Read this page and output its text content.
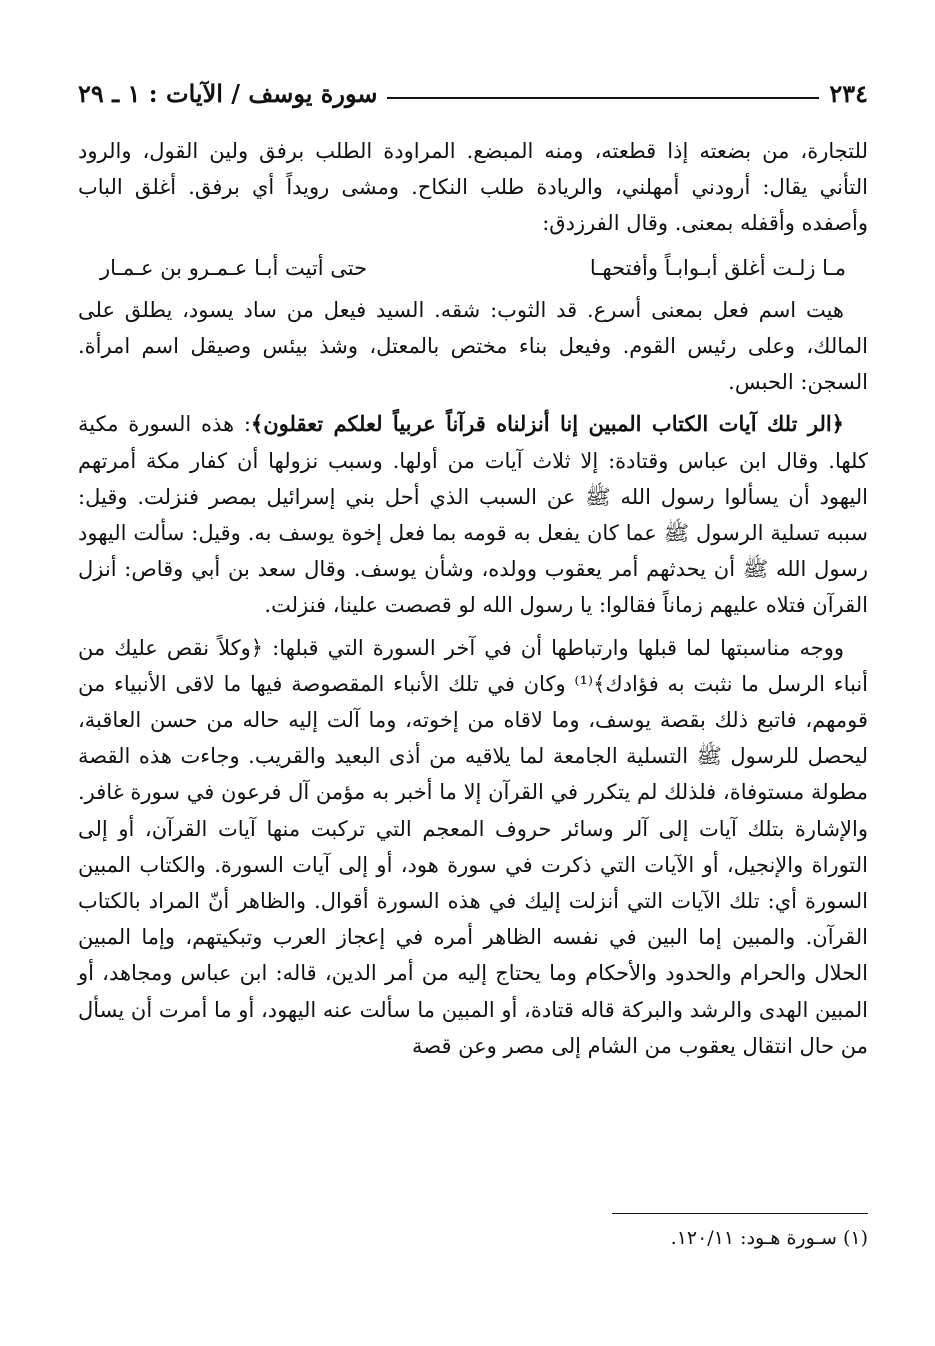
٢٣٤
سورة يوسف / الآيات : ١ ـ ٢٩

للتجارة، من بضعته إذا قطعته، ومنه المبضع. المراودة الطلب برفق ولين القول، والرود التأني يقال: أرودني أمهلني، والريادة طلب النكاح. ومشى رويداً أي برفق. أغلق الباب وأصفده وأقفله بمعنى. وقال الفرزدق:

مـا زلـت أغلق أبـوابـاً وأفتحهـا
حتى أتيت أبـا عـمـرو بن عـمـار

هيت اسم فعل بمعنى أسرع. قد الثوب: شقه. السيد فيعل من ساد يسود، يطلق على المالك، وعلى رئيس القوم. وفيعل بناء مختص بالمعتل، وشذ بيئس وصيقل اسم امرأة. السجن: الحبس.

﴿الر تلك آيات الكتاب المبين إنا أنزلناه قرآناً عربياً لعلكم تعقلون﴾: هذه السورة مكية كلها. وقال ابن عباس وقتادة: إلا ثلاث آيات من أولها. وسبب نزولها أن كفار مكة أمرتهم اليهود أن يسألوا رسول الله ﷺ عن السبب الذي أحل بني إسرائيل بمصر فنزلت. وقيل: سببه تسلية الرسول ﷺ عما كان يفعل به قومه بما فعل إخوة يوسف به. وقيل: سألت اليهود رسول الله ﷺ أن يحدثهم أمر يعقوب وولده، وشأن يوسف. وقال سعد بن أبي وقاص: أنزل القرآن فتلاه عليهم زماناً فقالوا: يا رسول الله لو قصصت علينا، فنزلت.

ووجه مناسبتها لما قبلها وارتباطها أن في آخر السورة التي قبلها: ﴿وكلاً نقص عليك من أنباء الرسل ما نثبت به فؤادك﴾⁽¹⁾ وكان في تلك الأنباء المقصوصة فيها ما لاقى الأنبياء من قومهم، فاتبع ذلك بقصة يوسف، وما لاقاه من إخوته، وما آلت إليه حاله من حسن العاقبة، ليحصل للرسول ﷺ التسلية الجامعة لما يلاقيه من أذى البعيد والقريب. وجاءت هذه القصة مطولة مستوفاة، فلذلك لم يتكرر في القرآن إلا ما أخبر به مؤمن آل فرعون في سورة غافر. والإشارة بتلك آيات إلى آلر وسائر حروف المعجم التي تركبت منها آيات القرآن، أو إلى التوراة والإنجيل، أو الآيات التي ذكرت في سورة هود، أو إلى آيات السورة. والكتاب المبين السورة أي: تلك الآيات التي أنزلت إليك في هذه السورة أقوال. والظاهر أنّ المراد بالكتاب القرآن. والمبين إما البين في نفسه الظاهر أمره في إعجاز العرب وتبكيتهم، وإما المبين الحلال والحرام والحدود والأحكام وما يحتاج إليه من أمر الدين، قاله: ابن عباس ومجاهد، أو المبين الهدى والرشد والبركة قاله قتادة، أو المبين ما سألت عنه اليهود، أو ما أمرت أن يسأل من حال انتقال يعقوب من الشام إلى مصر وعن قصة

(١) سـورة هـود: ١٢٠/١١.
